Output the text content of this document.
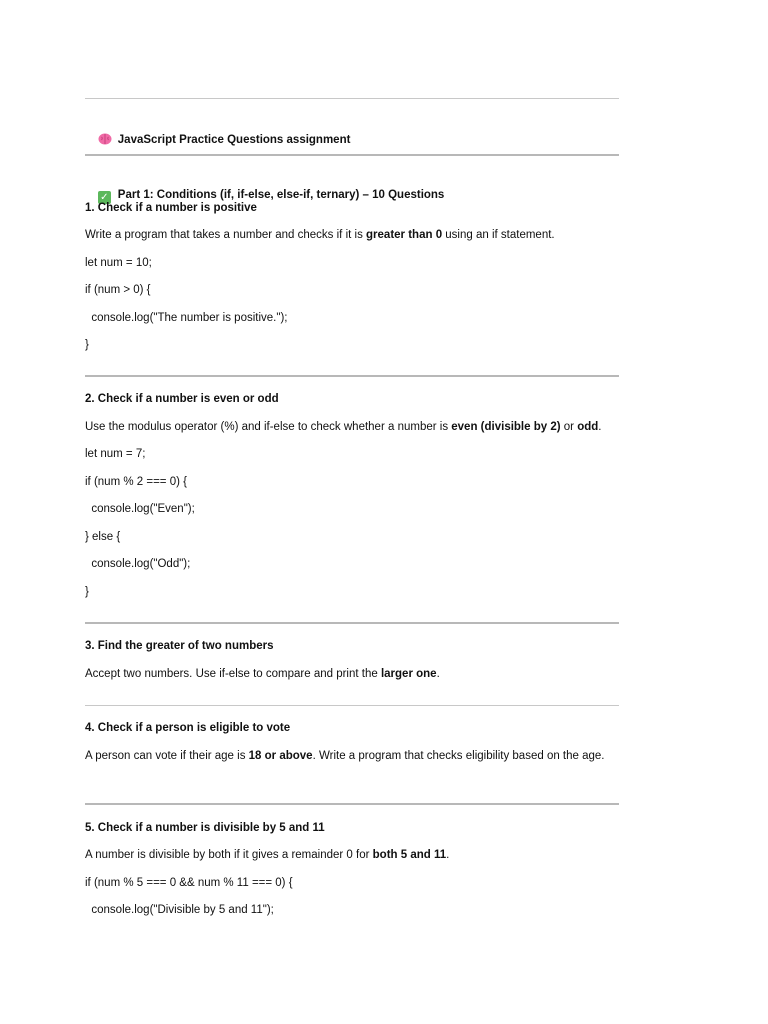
JavaScript Practice Questions assignment

✓ Part 1: Conditions (if, if-else, else-if, ternary) – 10 Questions

1. Check if a number is positive
Write a program that takes a number and checks if it is greater than 0 using an if statement.
let num = 10;
if (num > 0) {
console.log("The number is positive.");
}
2. Check if a number is even or odd
Use the modulus operator (%) and if-else to check whether a number is even (divisible by 2) or odd.
let num = 7;
if (num % 2 === 0) {
console.log("Even");
} else {
console.log("Odd");
}
3. Find the greater of two numbers
Accept two numbers. Use if-else to compare and print the larger one.
4. Check if a person is eligible to vote
A person can vote if their age is 18 or above. Write a program that checks eligibility based on the age.
5. Check if a number is divisible by 5 and 11
A number is divisible by both if it gives a remainder 0 for both 5 and 11.
if (num % 5 === 0 && num % 11 === 0) {
console.log("Divisible by 5 and 11");
